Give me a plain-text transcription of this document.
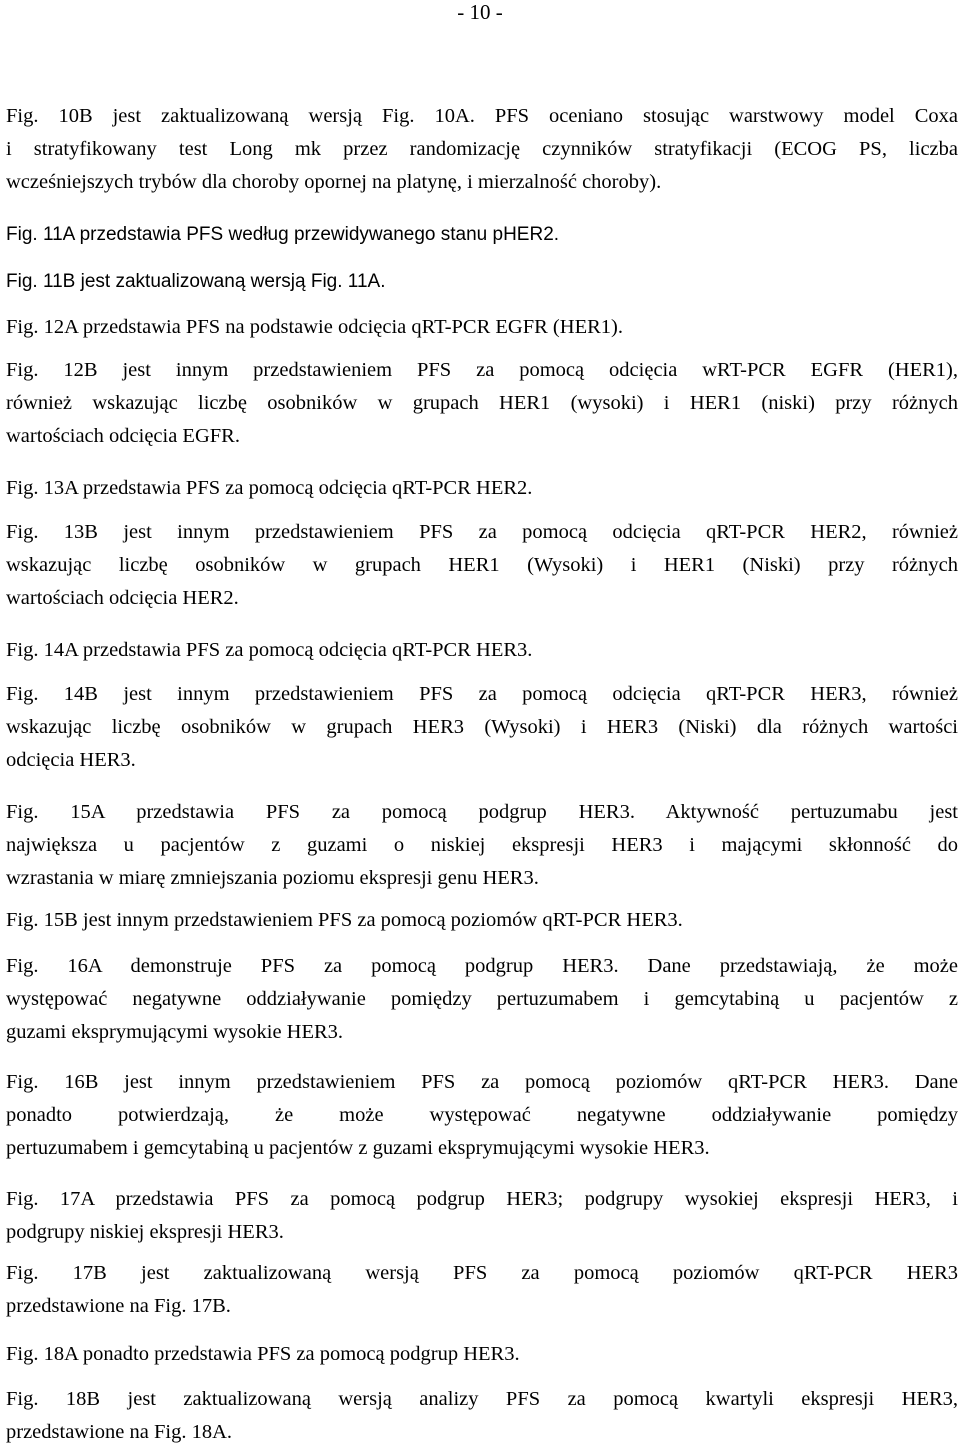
- 10 -
Fig. 10B jest zaktualizowaną wersją Fig. 10A. PFS oceniano stosując warstwowy model Coxa
i stratyfikowany test Long mk przez randomizację czynników stratyfikacji (ECOG PS, liczba
wcześniejszych trybów dla choroby opornej na platynę, i mierzalność choroby).
Fig. 11A przedstawia PFS według przewidywanego stanu pHER2.
Fig. 11B jest zaktualizowaną wersją Fig. 11A.
Fig. 12A przedstawia PFS na podstawie odcięcia qRT-PCR EGFR (HER1).
Fig. 12B jest innym przedstawieniem PFS za pomocą odcięcia wRT-PCR EGFR (HER1),
również wskazując liczbę osobników w grupach HER1 (wysoki) i HER1 (niski) przy różnych
wartościach odcięcia EGFR.
Fig. 13A przedstawia PFS za pomocą odcięcia qRT-PCR HER2.
Fig. 13B jest innym przedstawieniem PFS za pomocą odcięcia qRT-PCR HER2, również
wskazując liczbę osobników w grupach HER1 (Wysoki) i HER1 (Niski) przy różnych
wartościach odcięcia HER2.
Fig. 14A przedstawia PFS za pomocą odcięcia qRT-PCR HER3.
Fig. 14B jest innym przedstawieniem PFS za pomocą odcięcia qRT-PCR HER3, również
wskazując liczbę osobników w grupach HER3 (Wysoki) i HER3 (Niski) dla różnych wartości
odcięcia HER3.
Fig. 15A przedstawia PFS za pomocą podgrup HER3. Aktywność pertuzumabu jest
największa u pacjentów z guzami o niskiej ekspresji HER3 i mającymi skłonność do
wzrastania w miarę zmniejszania poziomu ekspresji genu HER3.
Fig. 15B jest innym przedstawieniem PFS za pomocą poziomów qRT-PCR HER3.
Fig. 16A demonstruje PFS za pomocą podgrup HER3. Dane przedstawiają, że może
występować negatywne oddziaływanie pomiędzy pertuzumabem i gemcytabiną u pacjentów z
guzami eksprymującymi wysokie HER3.
Fig. 16B jest innym przedstawieniem PFS za pomocą poziomów qRT-PCR HER3. Dane
ponadto potwierdzają, że może występować negatywne oddziaływanie pomiędzy
pertuzumabem i gemcytabiną u pacjentów z guzami eksprymującymi wysokie HER3.
Fig. 17A przedstawia PFS za pomocą podgrup HER3; podgrupy wysokiej ekspresji HER3, i
podgrupy niskiej ekspresji HER3.
Fig. 17B jest zaktualizowaną wersją PFS za pomocą poziomów qRT-PCR HER3
przedstawione na Fig. 17B.
Fig. 18A ponadto przedstawia PFS za pomocą podgrup HER3.
Fig. 18B jest zaktualizowaną wersją analizy PFS za pomocą kwartyli ekspresji HER3,
przedstawione na Fig. 18A.
